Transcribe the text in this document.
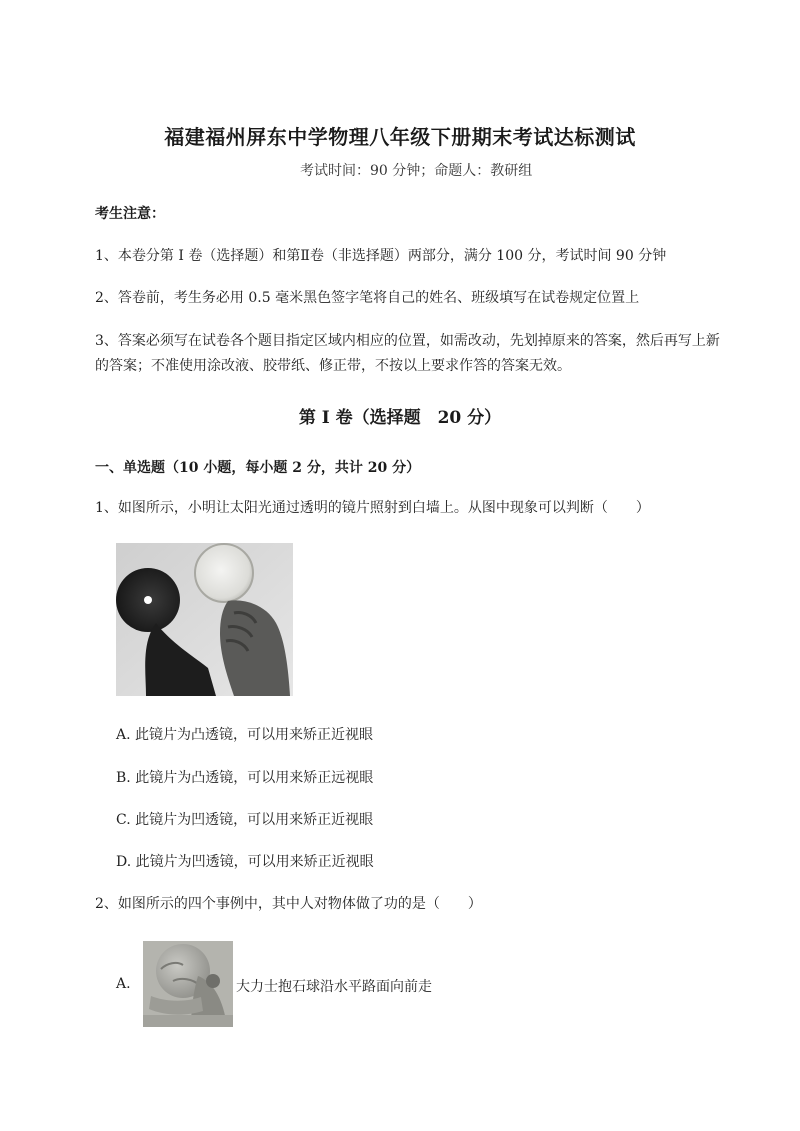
福建福州屏东中学物理八年级下册期末考试达标测试
考试时间：90 分钟；命题人：教研组
考生注意：
1、本卷分第 I 卷（选择题）和第Ⅱ卷（非选择题）两部分，满分 100 分，考试时间 90 分钟
2、答卷前，考生务必用 0.5 毫米黑色签字笔将自己的姓名、班级填写在试卷规定位置上
3、答案必须写在试卷各个题目指定区域内相应的位置，如需改动，先划掉原来的答案，然后再写上新
的答案；不准使用涂改液、胶带纸、修正带，不按以上要求作答的答案无效。
第 I 卷（选择题　20 分）
一、单选题（10 小题，每小题 2 分，共计 20 分）
1、如图所示，小明让太阳光通过透明的镜片照射到白墙上。从图中现象可以判断（　　）
A. 此镜片为凸透镜，可以用来矫正近视眼
B. 此镜片为凸透镜，可以用来矫正远视眼
C. 此镜片为凹透镜，可以用来矫正近视眼
D. 此镜片为凹透镜，可以用来矫正近视眼
2、如图所示的四个事例中，其中人对物体做了功的是（　　）
A.	大力士抱石球沿水平路面向前走
